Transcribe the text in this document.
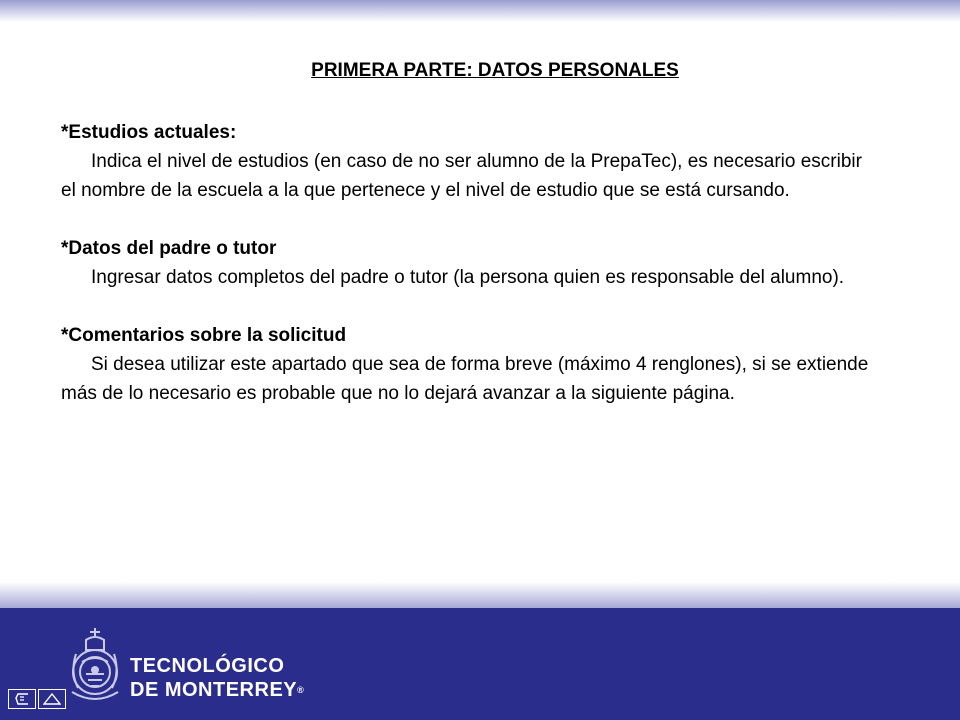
PRIMERA PARTE: DATOS PERSONALES

*Estudios actuales:

Indica el nivel de estudios (en caso de no ser alumno de la PrepaTec), es necesario escribir el nombre de la escuela a la que pertenece y el nivel de estudio que se está cursando.

*Datos del padre o tutor

Ingresar datos completos del padre o tutor (la persona quien es responsable del alumno).

*Comentarios sobre la solicitud

Si desea utilizar este apartado que sea de forma breve (máximo 4 renglones), si se extiende más de lo necesario es probable que no lo dejará avanzar a la siguiente página.

TECNOLÓGICO
DE MONTERREY®
